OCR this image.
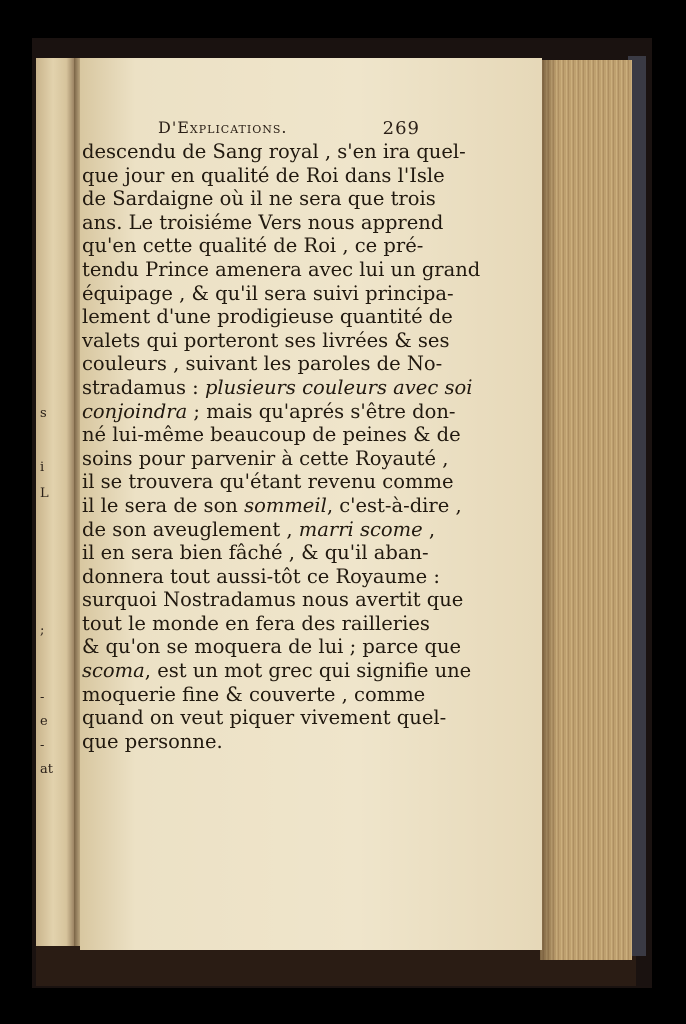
s
i
L
;
-
e
-
at
D'Explications.	269
descendu de Sang royal , s'en ira quel-
que jour en qualité de Roi dans l'Isle
de Sardaigne où il ne sera que trois
ans. Le troisiéme Vers nous apprend
qu'en cette qualité de Roi , ce pré-
tendu Prince amenera avec lui un grand
équipage , & qu'il sera suivi principa-
lement d'une prodigieuse quantité de
valets qui porteront ses livrées & ses
couleurs , suivant les paroles de No-
stradamus : plusieurs couleurs avec soi
conjoindra ; mais qu'aprés s'être don-
né lui-même beaucoup de peines & de
soins pour parvenir à cette Royauté ,
il se trouvera qu'étant revenu comme
il le sera de son sommeil, c'est-à-dire ,
de son aveuglement , marri scome ,
il en sera bien fâché , & qu'il aban-
donnera tout aussi-tôt ce Royaume :
surquoi Nostradamus nous avertit que
tout le monde en fera des railleries
& qu'on se moquera de lui ; parce que
scoma, est un mot grec qui signifie une
moquerie fine & couverte , comme
quand on veut piquer vivement quel-
que personne.
